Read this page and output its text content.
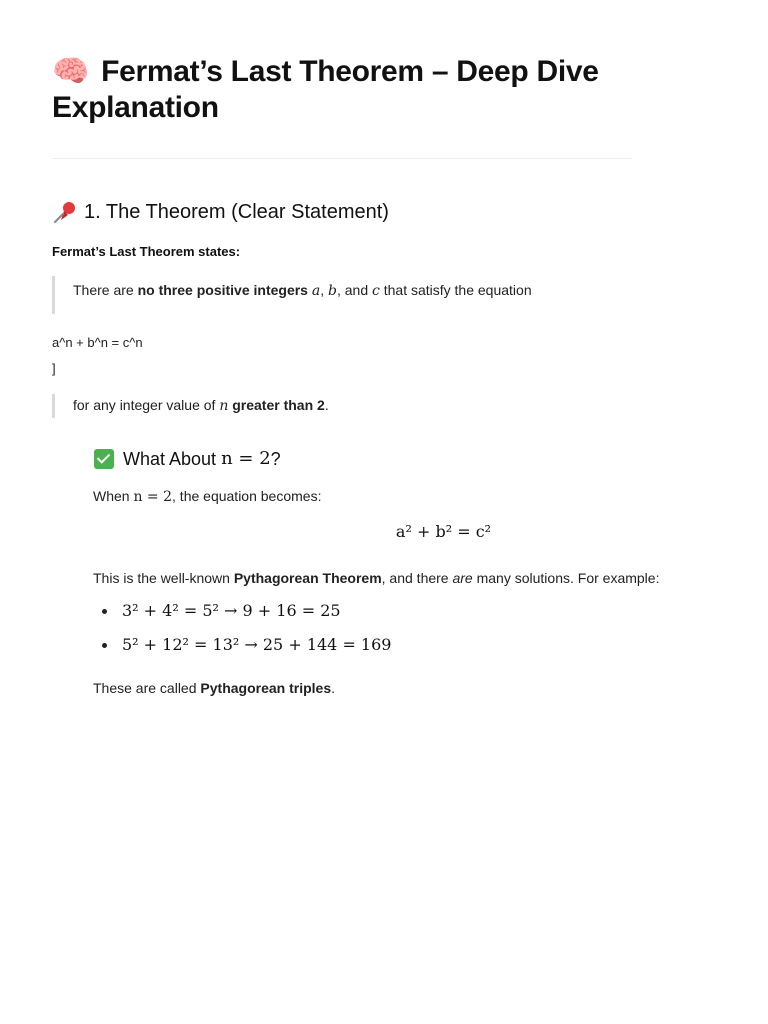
🧠 Fermat’s Last Theorem – Deep Dive Explanation
1. The Theorem (Clear Statement)

Fermat’s Last Theorem states:

There are no three positive integers a, b, and c that satisfy the equation

a^n + b^n = c^n

]

for any integer value of n greater than 2.
What About
n = 2 ?

When n = 2, the equation becomes:

a² + b² = c²

This is the well-known Pythagorean Theorem, and there are many solutions. For example:

3² + 4² = 5² → 9 + 16 = 25
5² + 12² = 13² → 25 + 144 = 169

These are called Pythagorean triples.
